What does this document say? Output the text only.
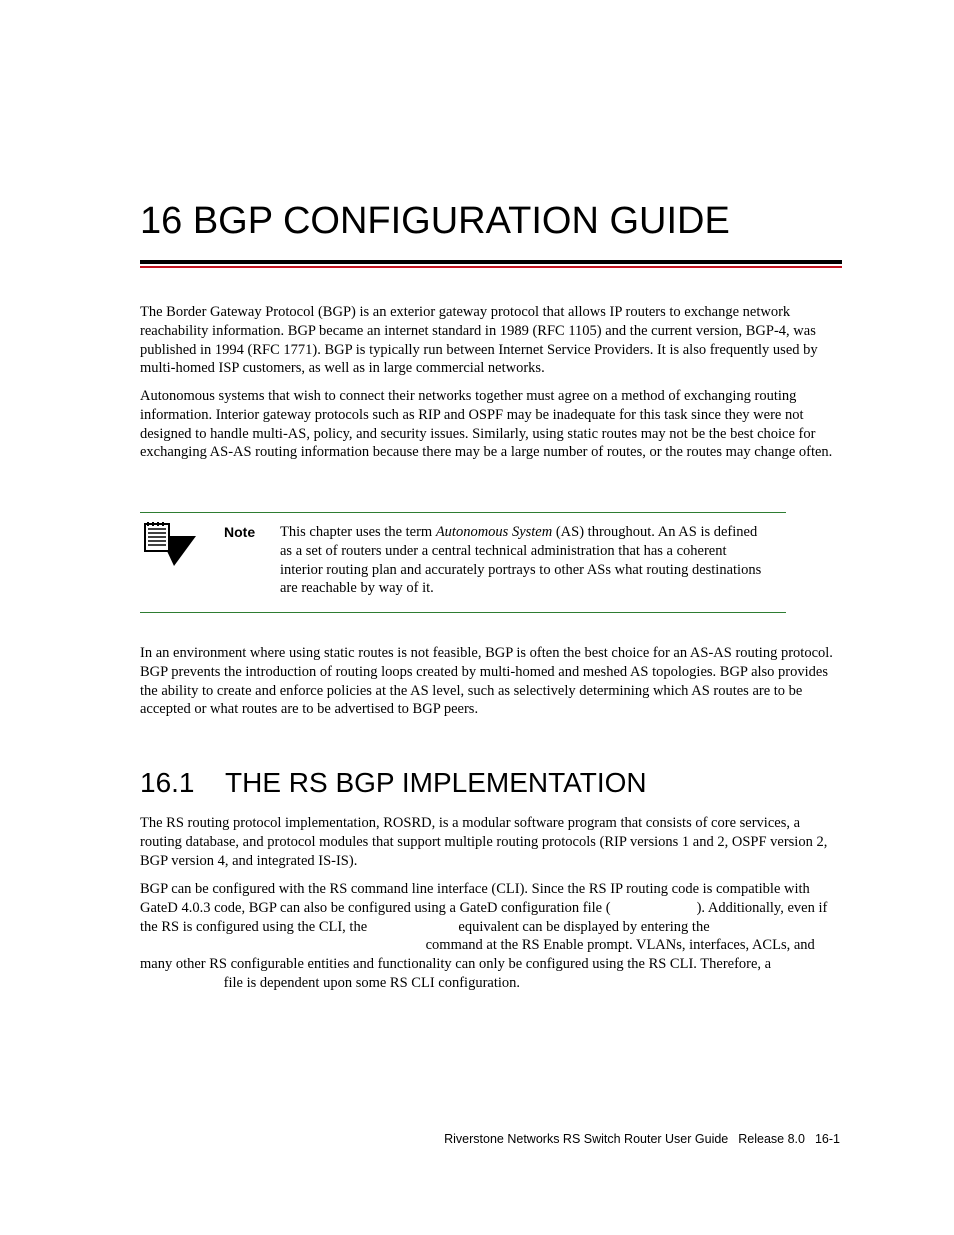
16 BGP CONFIGURATION GUIDE

The Border Gateway Protocol (BGP) is an exterior gateway protocol that allows IP routers to exchange network reachability information. BGP became an internet standard in 1989 (RFC 1105) and the current version, BGP-4, was published in 1994 (RFC 1771). BGP is typically run between Internet Service Providers. It is also frequently used by multi-homed ISP customers, as well as in large commercial networks.

Autonomous systems that wish to connect their networks together must agree on a method of exchanging routing information. Interior gateway protocols such as RIP and OSPF may be inadequate for this task since they were not designed to handle multi-AS, policy, and security issues. Similarly, using static routes may not be the best choice for exchanging AS-AS routing information because there may be a large number of routes, or the routes may change often.

Note This chapter uses the term Autonomous System (AS) throughout. An AS is defined as a set of routers under a central technical administration that has a coherent interior routing plan and accurately portrays to other ASs what routing destinations are reachable by way of it.

In an environment where using static routes is not feasible, BGP is often the best choice for an AS-AS routing protocol. BGP prevents the introduction of routing loops created by multi-homed and meshed AS topologies. BGP also provides the ability to create and enforce policies at the AS level, such as selectively determining which AS routes are to be accepted or what routes are to be advertised to BGP peers.

16.1 THE RS BGP IMPLEMENTATION

The RS routing protocol implementation, ROSRD, is a modular software program that consists of core services, a routing database, and protocol modules that support multiple routing protocols (RIP versions 1 and 2, OSPF version 2, BGP version 4, and integrated IS-IS).

BGP can be configured with the RS command line interface (CLI). Since the RS IP routing code is compatible with GateD 4.0.3 code, BGP can also be configured using a GateD configuration file (	). Additionally, even if the RS is configured using the CLI, the	equivalent can be displayed by entering the  command at the RS Enable prompt. VLANs, interfaces, ACLs, and many other RS configurable entities and functionality can only be configured using the RS CLI. Therefore, a  file is dependent upon some RS CLI configuration.

Riverstone Networks RS Switch Router User Guide Release 8.0 16-1
